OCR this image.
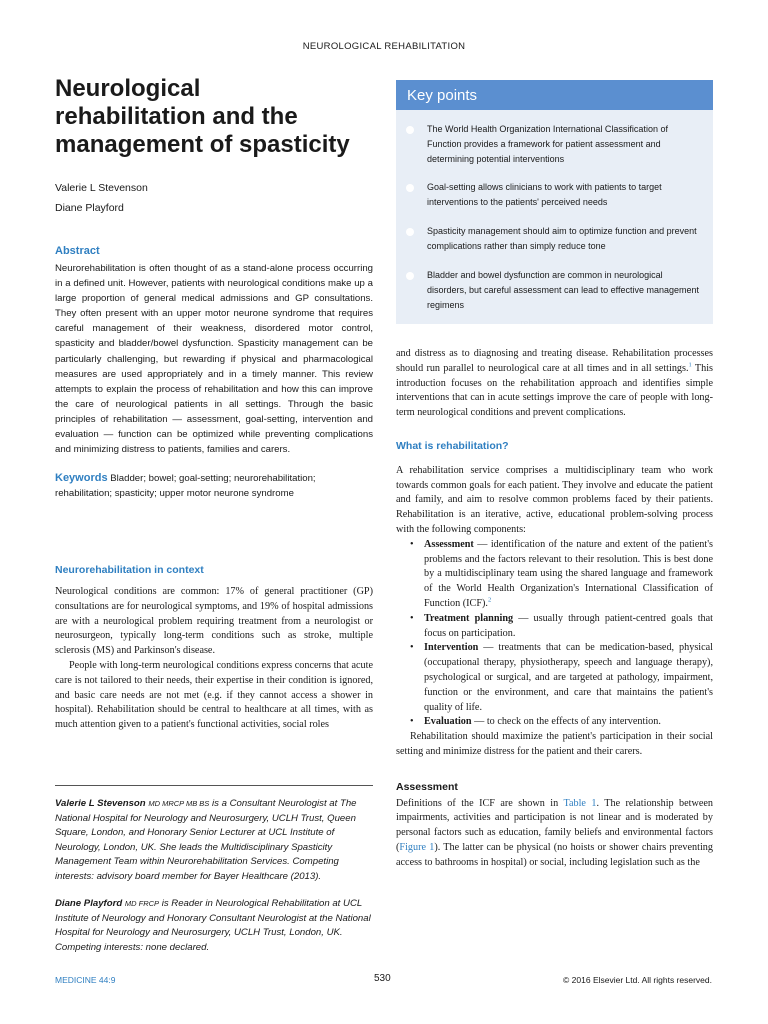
NEUROLOGICAL REHABILITATION
Neurological
rehabilitation and the
management of spasticity
Valerie L Stevenson
Diane Playford
Abstract
Neurorehabilitation is often thought of as a stand-alone process occurring in a defined unit. However, patients with neurological conditions make up a large proportion of general medical admissions and GP consultations. They often present with an upper motor neurone syndrome that requires careful management of their weakness, disordered motor control, spasticity and bladder/bowel dysfunction. Spasticity management can be particularly challenging, but rewarding if physical and pharmacological measures are used appropriately and in a timely manner. This review attempts to explain the process of rehabilitation and how this can improve the care of neurological patients in all settings. Through the basic principles of rehabilitation — assessment, goal-setting, intervention and evaluation — function can be optimized while preventing complications and minimizing distress to patients, families and carers.
Keywords Bladder; bowel; goal-setting; neurorehabilitation; rehabilitation; spasticity; upper motor neurone syndrome
Neurorehabilitation in context

Neurological conditions are common: 17% of general practitioner (GP) consultations are for neurological symptoms, and 19% of hospital admissions are with a neurological problem requiring treatment from a neurologist or neurosurgeon, typically long-term conditions such as stroke, multiple sclerosis (MS) and Parkinson's disease.

People with long-term neurological conditions express concerns that acute care is not tailored to their needs, their expertise in their condition is ignored, and basic care needs are not met (e.g. if they cannot access a shower in hospital). Rehabilitation should be central to healthcare at all times, with as much attention given to a patient's functional activities, social roles

Valerie L Stevenson MD MRCP MB BS is a Consultant Neurologist at The National Hospital for Neurology and Neurosurgery, UCLH Trust, Queen Square, London, and Honorary Senior Lecturer at UCL Institute of Neurology, London, UK. She leads the Multidisciplinary Spasticity Management Team within Neurorehabilitation Services. Competing interests: advisory board member for Bayer Healthcare (2013).
Diane Playford MD FRCP is Reader in Neurological Rehabilitation at UCL Institute of Neurology and Honorary Consultant Neurologist at the National Hospital for Neurology and Neurosurgery, UCLH Trust, London, UK. Competing interests: none declared.
Key points
The World Health Organization International Classification of Function provides a framework for patient assessment and determining potential interventions
Goal-setting allows clinicians to work with patients to target interventions to the patients' perceived needs
Spasticity management should aim to optimize function and prevent complications rather than simply reduce tone
Bladder and bowel dysfunction are common in neurological disorders, but careful assessment can lead to effective management regimens

and distress as to diagnosing and treating disease. Rehabilitation processes should run parallel to neurological care at all times and in all settings.$^1$ This introduction focuses on the rehabilitation approach and identifies simple interventions that can in acute settings improve the care of people with long-term neurological conditions and prevent complications.

What is rehabilitation?

A rehabilitation service comprises a multidisciplinary team who work towards common goals for each patient. They involve and educate the patient and family, and aim to resolve common problems faced by their patients. Rehabilitation is an iterative, active, educational problem-solving process with the following components:

• Assessment — identification of the nature and extent of the patient's problems and the factors relevant to their resolution. This is best done by a multidisciplinary team using the shared language and framework of the World Health Organization's International Classification of Function (ICF).$^2$
• Treatment planning — usually through patient-centred goals that focus on participation.
• Intervention — treatments that can be medication-based, physical (occupational therapy, physiotherapy, speech and language therapy), psychological or surgical, and are targeted at pathology, impairment, function or the environment, and care that maintains the patient's quality of life.
• Evaluation — to check on the effects of any intervention.

Rehabilitation should maximize the patient's participation in their social setting and minimize distress for the patient and their carers.

Assessment

Definitions of the ICF are shown in Table 1. The relationship between impairments, activities and participation is not linear and is moderated by personal factors such as education, family beliefs and environmental factors (Figure 1). The latter can be physical (no hoists or shower chairs preventing access to bathrooms in hospital) or social, including legislation such as the

MEDICINE 44:9	530	© 2016 Elsevier Ltd. All rights reserved.
